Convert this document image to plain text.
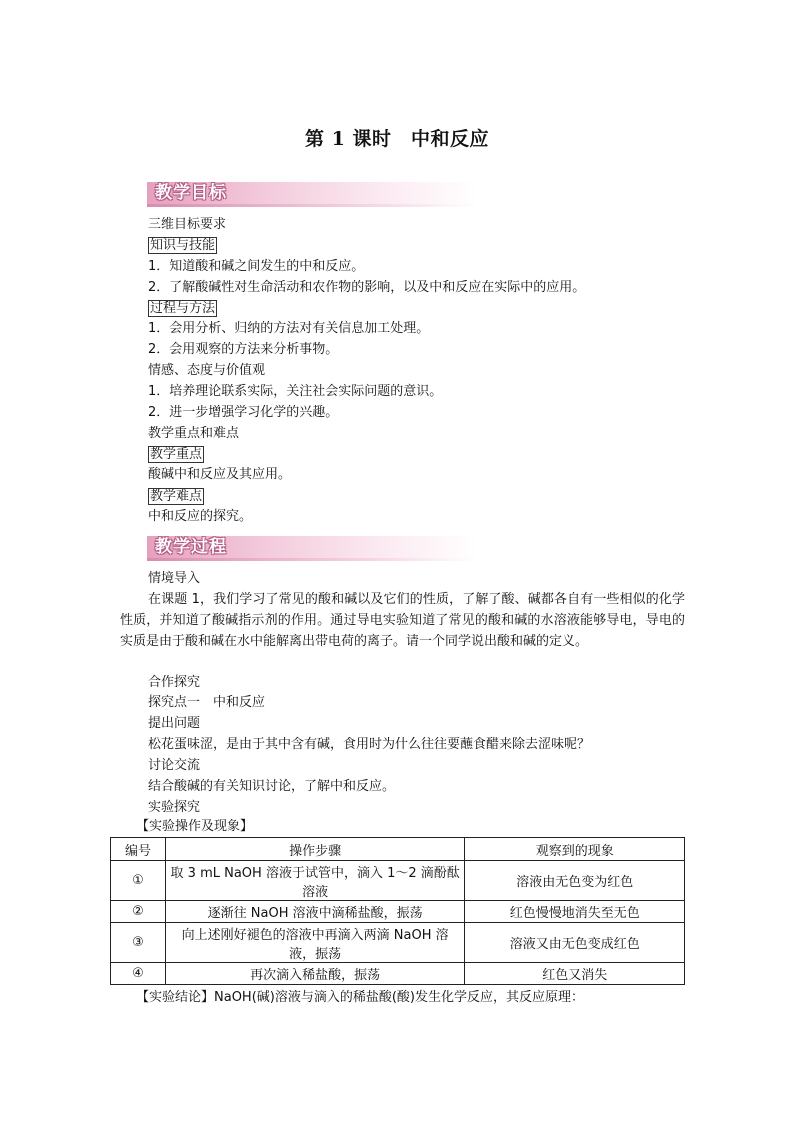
第 1 课时　中和反应
教学目标
三维目标要求
知识与技能
1．知道酸和碱之间发生的中和反应。
2．了解酸碱性对生命活动和农作物的影响，以及中和反应在实际中的应用。
过程与方法
1．会用分析、归纳的方法对有关信息加工处理。
2．会用观察的方法来分析事物。
情感、态度与价值观
1．培养理论联系实际，关注社会实际问题的意识。
2．进一步增强学习化学的兴趣。
教学重点和难点
教学重点
酸碱中和反应及其应用。
教学难点
中和反应的探究。
教学过程
情境导入
在课题 1，我们学习了常见的酸和碱以及它们的性质，了解了酸、碱都各自有一些相似的化学性质，并知道了酸碱指示剂的作用。通过导电实验知道了常见的酸和碱的水溶液能够导电，导电的实质是由于酸和碱在水中能解离出带电荷的离子。请一个同学说出酸和碱的定义。
合作探究
探究点一　中和反应
提出问题
松花蛋味涩，是由于其中含有碱，食用时为什么往往要蘸食醋来除去涩味呢？
讨论交流
结合酸碱的有关知识讨论，了解中和反应。
实验探究
【实验操作及现象】
编号	操作步骤	观察到的现象
①	取 3 mL NaOH 溶液于试管中，滴入 1～2 滴酚酞溶液	溶液由无色变为红色
②	逐渐往 NaOH 溶液中滴稀盐酸，振荡	红色慢慢地消失至无色
③	向上述刚好褪色的溶液中再滴入两滴 NaOH 溶液，振荡	溶液又由无色变成红色
④	再次滴入稀盐酸，振荡	红色又消失
【实验结论】NaOH(碱)溶液与滴入的稀盐酸(酸)发生化学反应，其反应原理：
